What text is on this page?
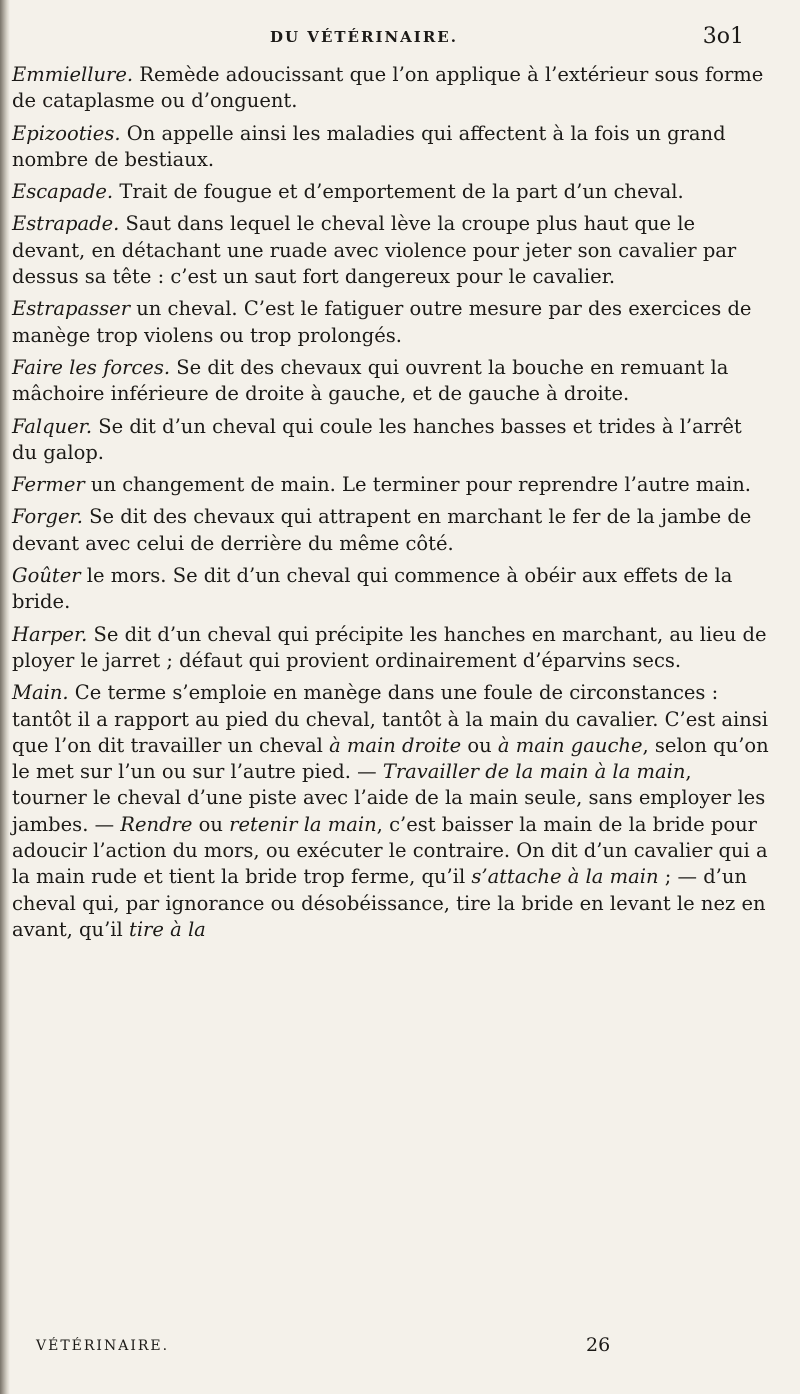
DU VÉTÉRINAIRE.	3o1

Emmiellure. Remède adoucissant que l’on applique à l’extérieur sous forme de cataplasme ou d’onguent.

Epizooties. On appelle ainsi les maladies qui affectent à la fois un grand nombre de bestiaux.

Escapade. Trait de fougue et d’emportement de la part d’un cheval.

Estrapade. Saut dans lequel le cheval lève la croupe plus haut que le devant, en détachant une ruade avec violence pour jeter son cavalier par dessus sa tête : c’est un saut fort dangereux pour le cavalier.

Estrapasser un cheval. C’est le fatiguer outre mesure par des exercices de manège trop violens ou trop prolongés.

Faire les forces. Se dit des chevaux qui ouvrent la bouche en remuant la mâchoire inférieure de droite à gauche, et de gauche à droite.

Falquer. Se dit d’un cheval qui coule les hanches basses et trides à l’arrêt du galop.

Fermer un changement de main. Le terminer pour reprendre l’autre main.

Forger. Se dit des chevaux qui attrapent en marchant le fer de la jambe de devant avec celui de derrière du même côté.

Goûter le mors. Se dit d’un cheval qui commence à obéir aux effets de la bride.

Harper. Se dit d’un cheval qui précipite les hanches en marchant, au lieu de ployer le jarret ; défaut qui provient ordinairement d’éparvins secs.

Main. Ce terme s’emploie en manège dans une foule de circonstances : tantôt il a rapport au pied du cheval, tantôt à la main du cavalier. C’est ainsi que l’on dit travailler un cheval à main droite ou à main gauche, selon qu’on le met sur l’un ou sur l’autre pied. — Travailler de la main à la main, tourner le cheval d’une piste avec l’aide de la main seule, sans employer les jambes. — Rendre ou retenir la main, c’est baisser la main de la bride pour adoucir l’action du mors, ou exécuter le contraire. On dit d’un cavalier qui a la main rude et tient la bride trop ferme, qu’il s’attache à la main ; — d’un cheval qui, par ignorance ou désobéissance, tire la bride en levant le nez en avant, qu’il tire à la

VÉTÉRINAIRE.	26
